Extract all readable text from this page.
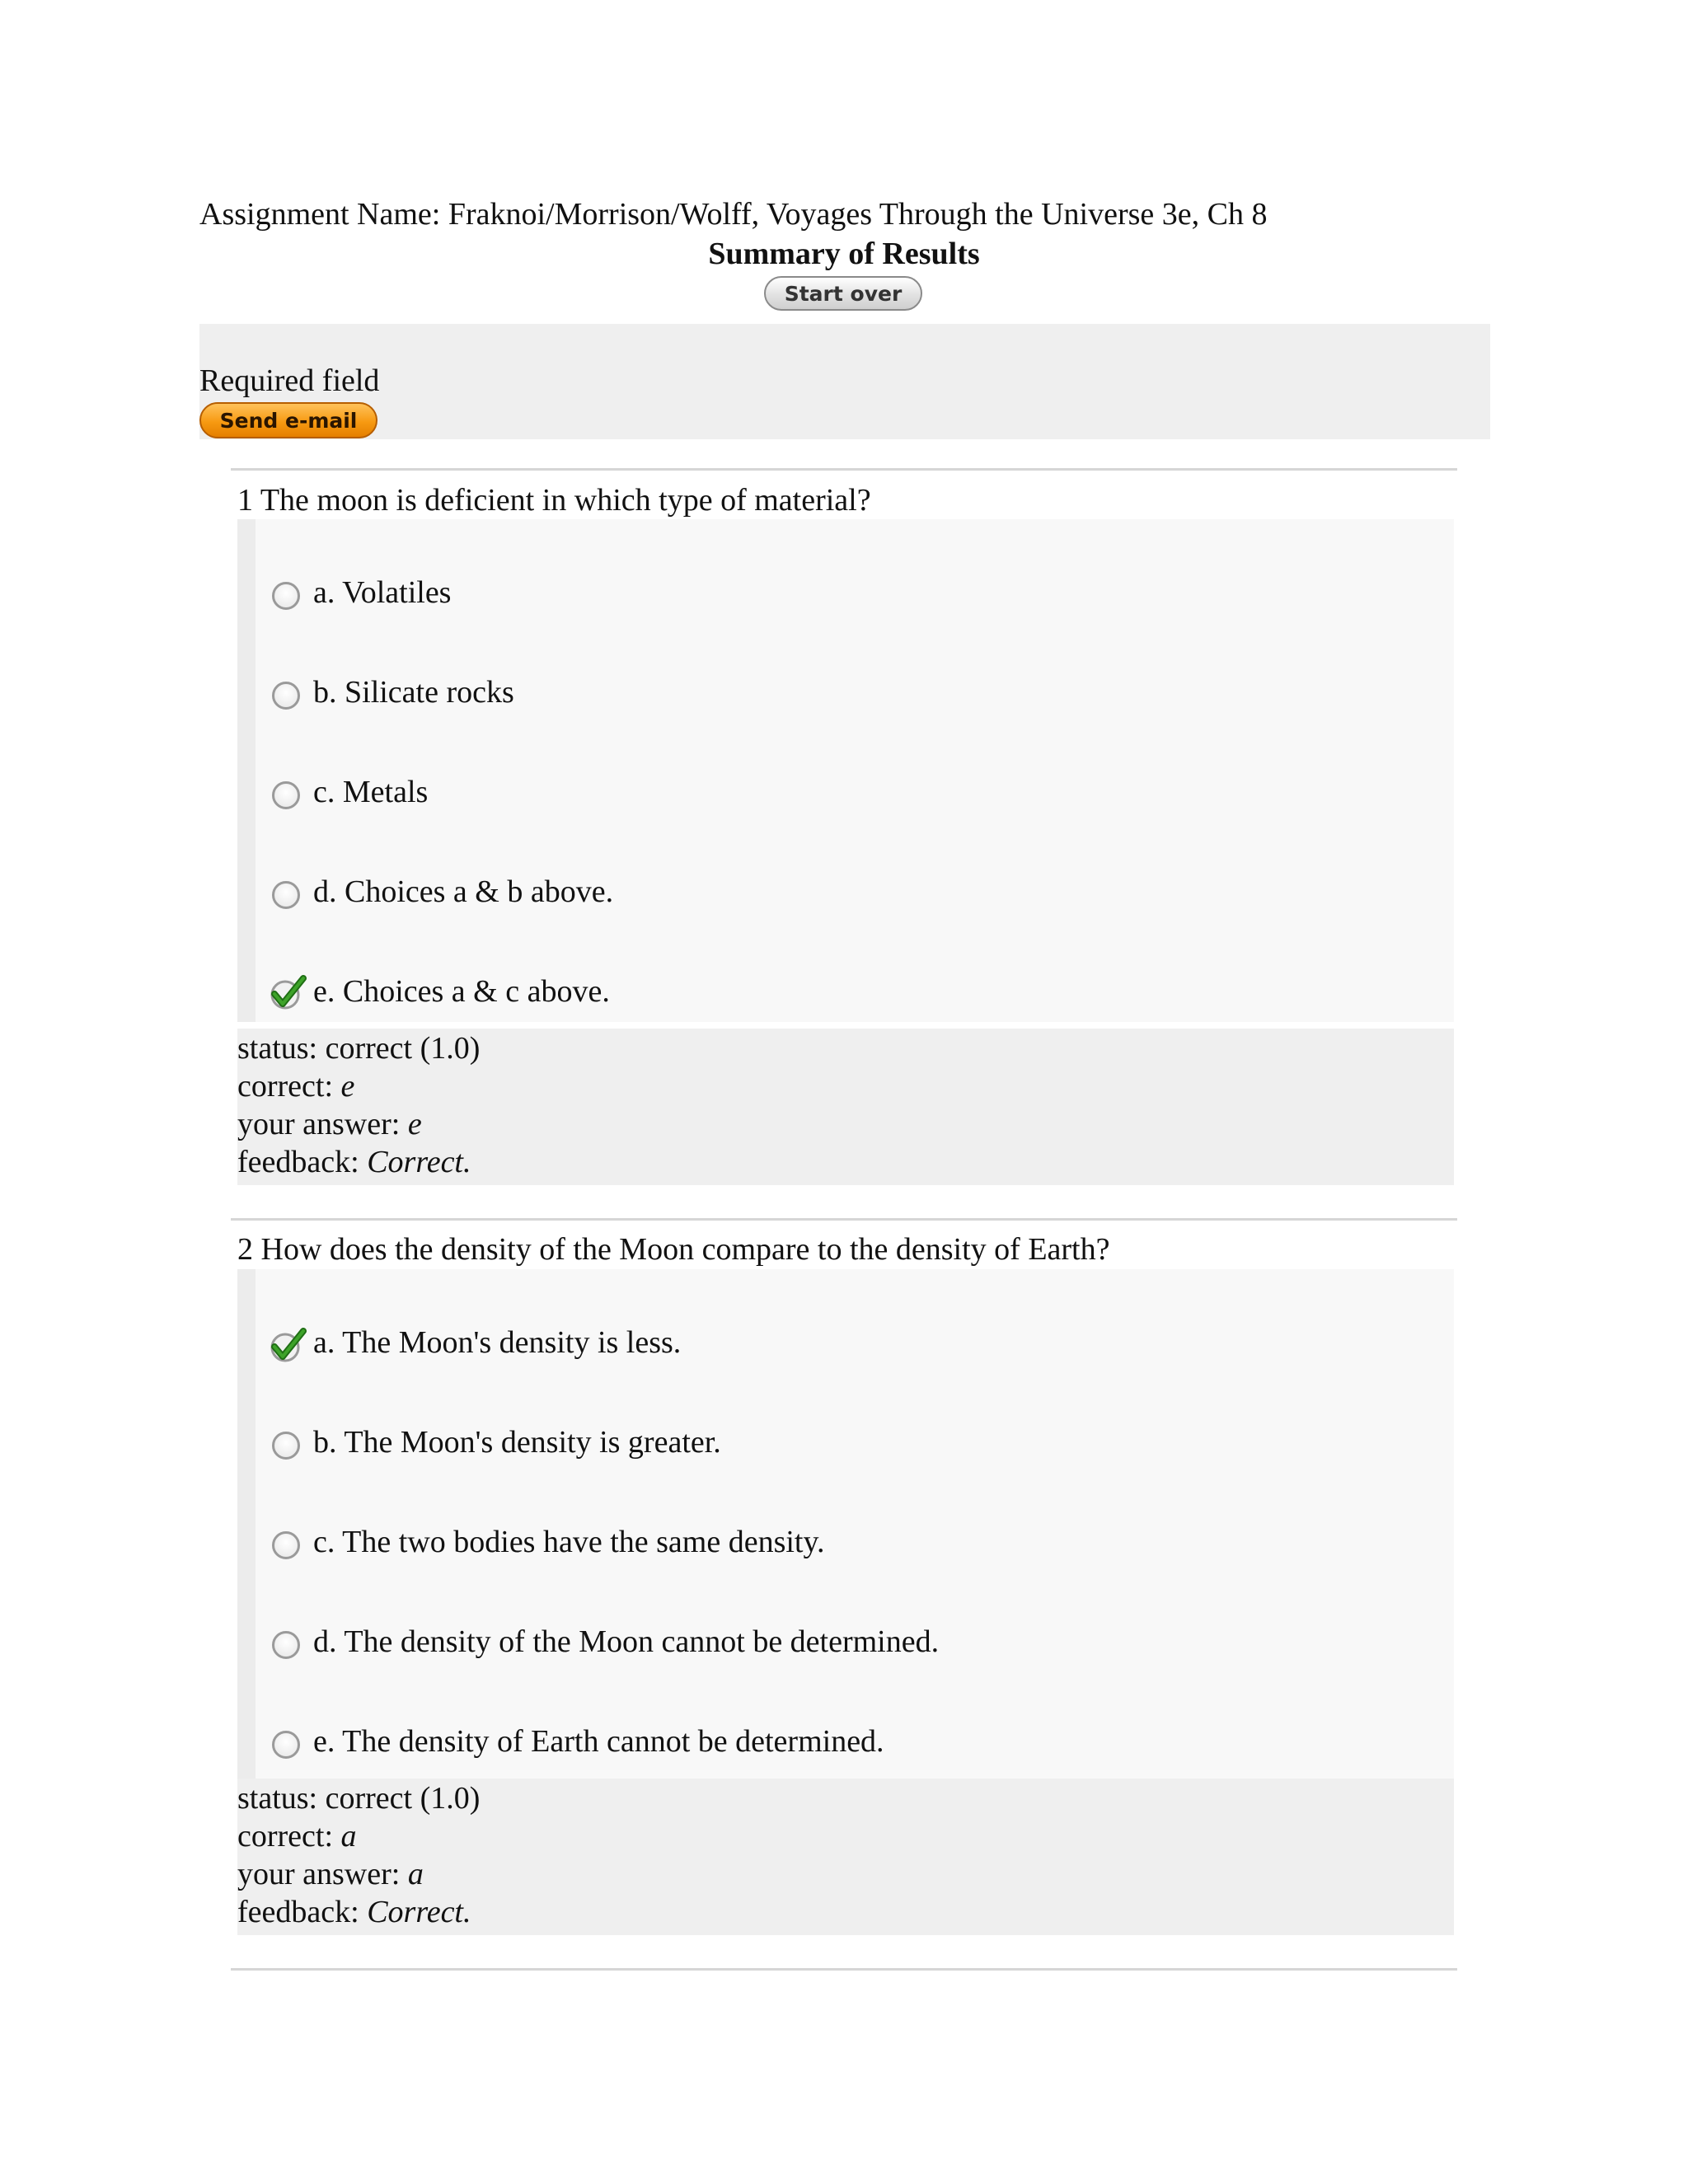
Assignment Name: Fraknoi/Morrison/Wolff, Voyages Through the Universe 3e, Ch 8
Summary of Results
Start over
Required field
Send e-mail
1 The moon is deficient in which type of material?
a. Volatiles
b. Silicate rocks
c. Metals
d. Choices a & b above.
e. Choices a & c above.
status: correct (1.0)
correct: e
your answer: e
feedback: Correct.
2 How does the density of the Moon compare to the density of Earth?
a. The Moon's density is less.
b. The Moon's density is greater.
c. The two bodies have the same density.
d. The density of the Moon cannot be determined.
e. The density of Earth cannot be determined.
status: correct (1.0)
correct: a
your answer: a
feedback: Correct.
